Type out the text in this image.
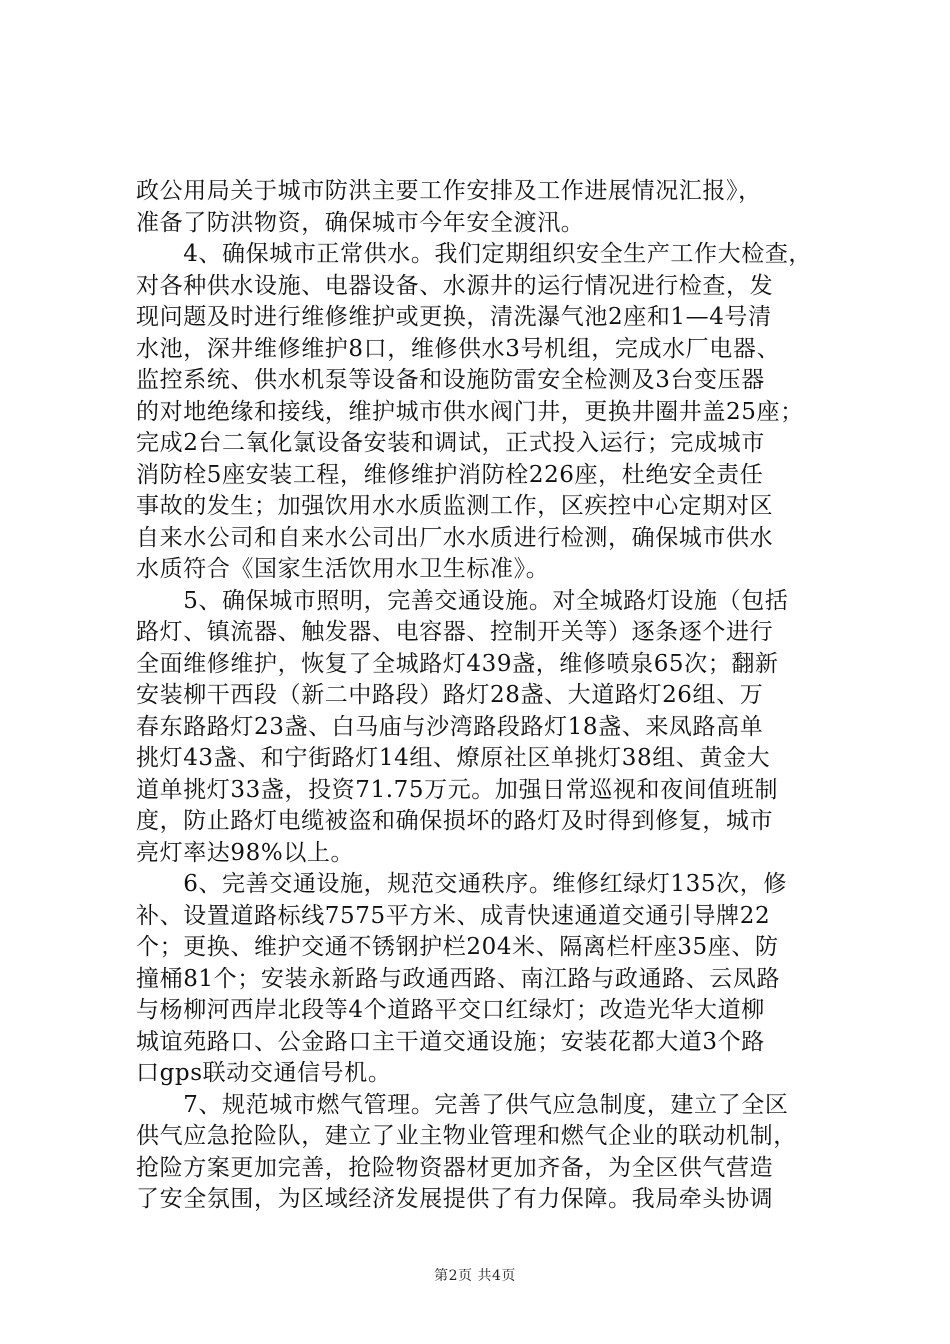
政公用局关于城市防洪主要工作安排及工作进展情况汇报》，
准备了防洪物资，确保城市今年安全渡汛。
　　4、确保城市正常供水。我们定期组织安全生产工作大检查，
对各种供水设施、电器设备、水源井的运行情况进行检查，发
现问题及时进行维修维护或更换，清洗瀑气池2座和1—4号清
水池，深井维修维护8口，维修供水3号机组，完成水厂电器、
监控系统、供水机泵等设备和设施防雷安全检测及3台变压器
的对地绝缘和接线，维护城市供水阀门井，更换井圈井盖25座；
完成2台二氧化氯设备安装和调试，正式投入运行；完成城市
消防栓5座安装工程，维修维护消防栓226座，杜绝安全责任
事故的发生；加强饮用水水质监测工作，区疾控中心定期对区
自来水公司和自来水公司出厂水水质进行检测，确保城市供水
水质符合《国家生活饮用水卫生标准》。
　　5、确保城市照明，完善交通设施。对全城路灯设施（包括
路灯、镇流器、触发器、电容器、控制开关等）逐条逐个进行
全面维修维护，恢复了全城路灯439盏，维修喷泉65次；翻新
安装柳干西段（新二中路段）路灯28盏、大道路灯26组、万
春东路路灯23盏、白马庙与沙湾路段路灯18盏、来凤路高单
挑灯43盏、和宁街路灯14组、燎原社区单挑灯38组、黄金大
道单挑灯33盏，投资71.75万元。加强日常巡视和夜间值班制
度，防止路灯电缆被盗和确保损坏的路灯及时得到修复，城市
亮灯率达98%以上。
　　6、完善交通设施，规范交通秩序。维修红绿灯135次，修
补、设置道路标线7575平方米、成青快速通道交通引导牌22
个；更换、维护交通不锈钢护栏204米、隔离栏杆座35座、防
撞桶81个；安装永新路与政通西路、南江路与政通路、云凤路
与杨柳河西岸北段等4个道路平交口红绿灯；改造光华大道柳
城谊苑路口、公金路口主干道交通设施；安装花都大道3个路
口gps联动交通信号机。
　　7、规范城市燃气管理。完善了供气应急制度，建立了全区
供气应急抢险队，建立了业主物业管理和燃气企业的联动机制，
抢险方案更加完善，抢险物资器材更加齐备，为全区供气营造
了安全氛围，为区域经济发展提供了有力保障。我局牵头协调
第2页 共4页
